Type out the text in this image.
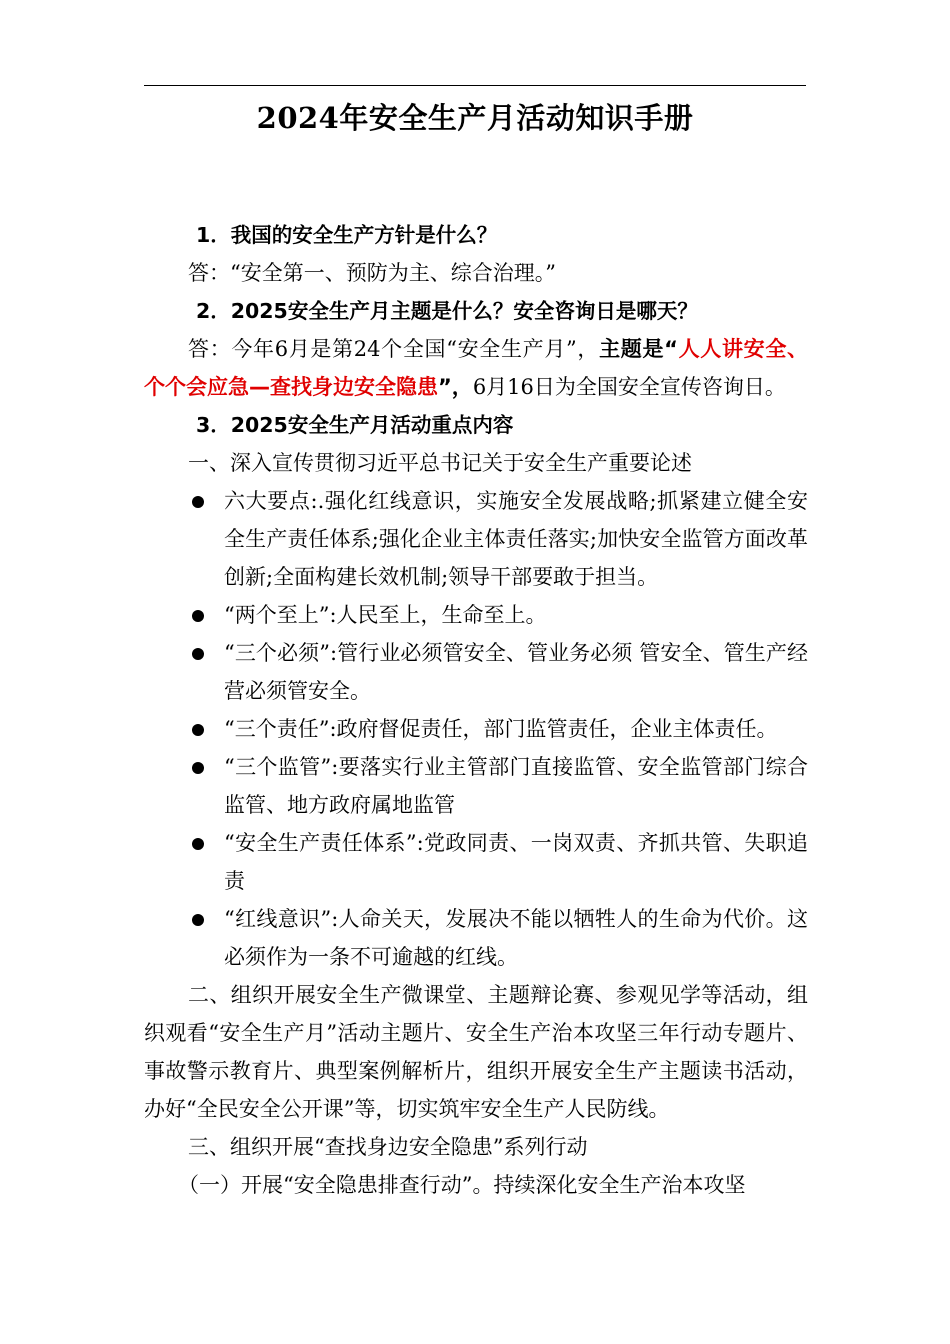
2024年安全生产月活动知识手册

1．我国的安全生产方针是什么？

答：“安全第一、预防为主、综合治理。”

2．2025安全生产月主题是什么？安全咨询日是哪天？

答：今年6月是第24个全国“安全生产月”，主题是“人人讲安全、个个会应急—查找身边安全隐患”，6月16日为全国安全宣传咨询日。

3．2025安全生产月活动重点内容

一、深入宣传贯彻习近平总书记关于安全生产重要论述

六大要点:.强化红线意识，实施安全发展战略;抓紧建立健全安全生产责任体系;强化企业主体责任落实;加快安全监管方面改革创新;全面构建长效机制;领导干部要敢于担当。
“两个至上”:人民至上，生命至上。
“三个必须”:管行业必须管安全、管业务必须 管安全、管生产经营必须管安全。
“三个责任”:政府督促责任，部门监管责任，企业主体责任。
“三个监管”:要落实行业主管部门直接监管、安全监管部门综合监管、地方政府属地监管
“安全生产责任体系”:党政同责、一岗双责、齐抓共管、失职追责
“红线意识”:人命关天，发展决不能以牺牲人的生命为代价。这必须作为一条不可逾越的红线。

二、组织开展安全生产微课堂、主题辩论赛、参观见学等活动，组织观看“安全生产月”活动主题片、安全生产治本攻坚三年行动专题片、事故警示教育片、典型案例解析片，组织开展安全生产主题读书活动，办好“全民安全公开课”等，切实筑牢安全生产人民防线。

三、组织开展“查找身边安全隐患”系列行动

（一）开展“安全隐患排查行动”。持续深化安全生产治本攻坚
